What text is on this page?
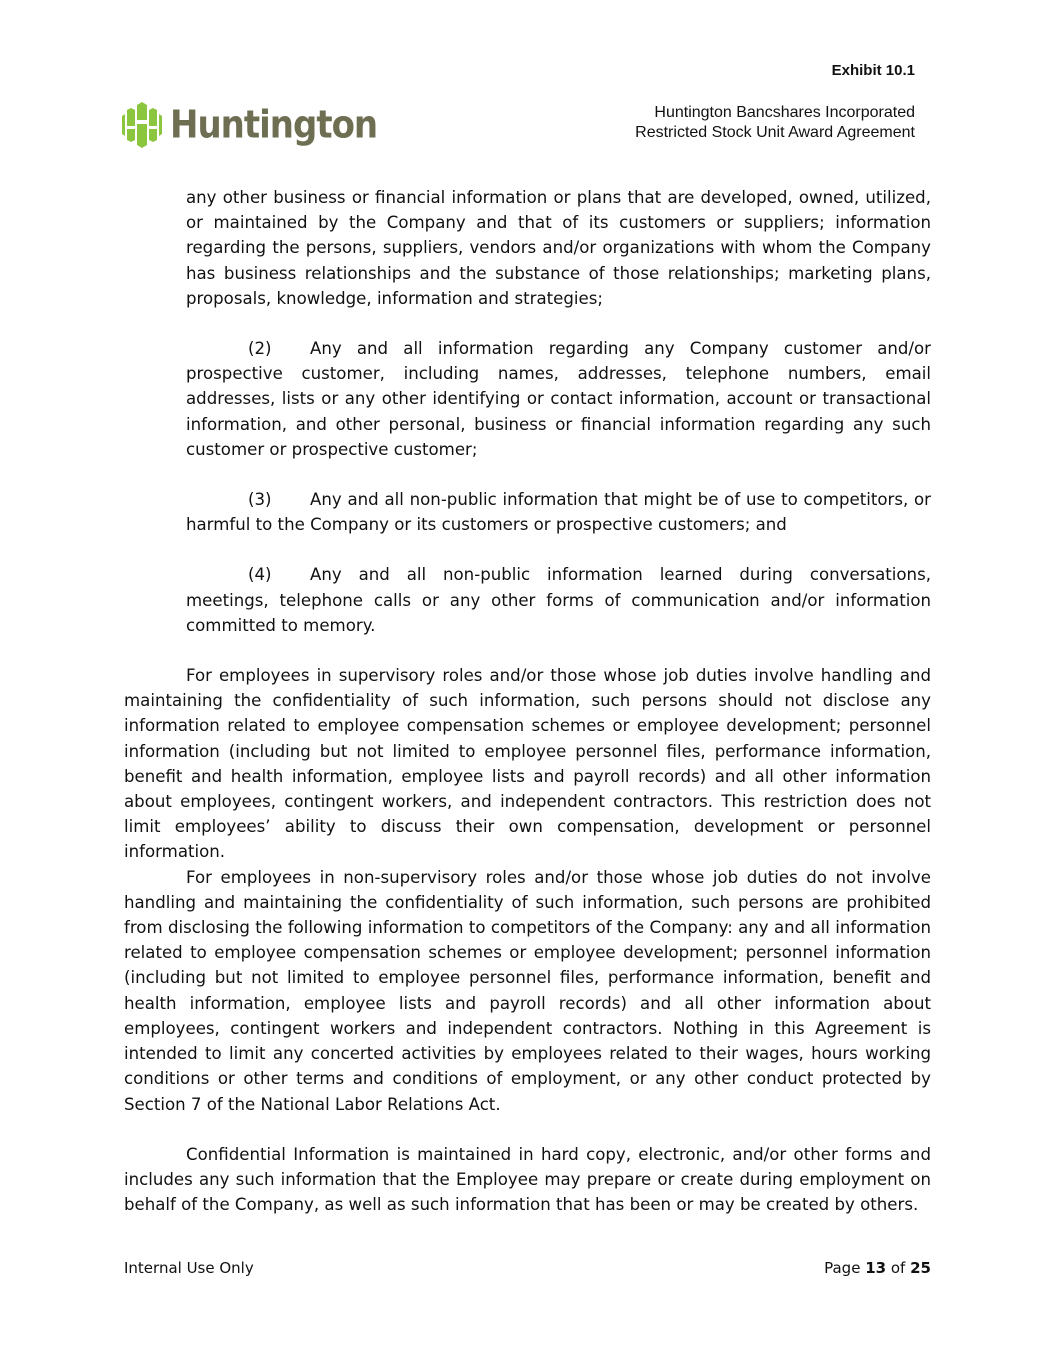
Exhibit 10.1
Huntington	Huntington Bancshares Incorporated
Restricted Stock Unit Award Agreement

any other business or financial information or plans that are developed, owned, utilized, or maintained by the Company and that of its customers or suppliers; information regarding the persons, suppliers, vendors and/or organizations with whom the Company has business relationships and the substance of those relationships; marketing plans, proposals, knowledge, information and strategies;

(2) Any and all information regarding any Company customer and/or prospective customer, including names, addresses, telephone numbers, email addresses, lists or any other identifying or contact information, account or transactional information, and other personal, business or financial information regarding any such customer or prospective customer;

(3) Any and all non-public information that might be of use to competitors, or harmful to the Company or its customers or prospective customers; and

(4) Any and all non-public information learned during conversations, meetings, telephone calls or any other forms of communication and/or information committed to memory.

For employees in supervisory roles and/or those whose job duties involve handling and maintaining the confidentiality of such information, such persons should not disclose any information related to employee compensation schemes or employee development; personnel information (including but not limited to employee personnel files, performance information, benefit and health information, employee lists and payroll records) and all other information about employees, contingent workers, and independent contractors. This restriction does not limit employees’ ability to discuss their own compensation, development or personnel information.

For employees in non-supervisory roles and/or those whose job duties do not involve handling and maintaining the confidentiality of such information, such persons are prohibited from disclosing the following information to competitors of the Company: any and all information related to employee compensation schemes or employee development; personnel information (including but not limited to employee personnel files, performance information, benefit and health information, employee lists and payroll records) and all other information about employees, contingent workers and independent contractors. Nothing in this Agreement is intended to limit any concerted activities by employees related to their wages, hours working conditions or other terms and conditions of employment, or any other conduct protected by Section 7 of the National Labor Relations Act.

Confidential Information is maintained in hard copy, electronic, and/or other forms and includes any such information that the Employee may prepare or create during employment on behalf of the Company, as well as such information that has been or may be created by others.

Internal Use Only	Page 13 of 25
